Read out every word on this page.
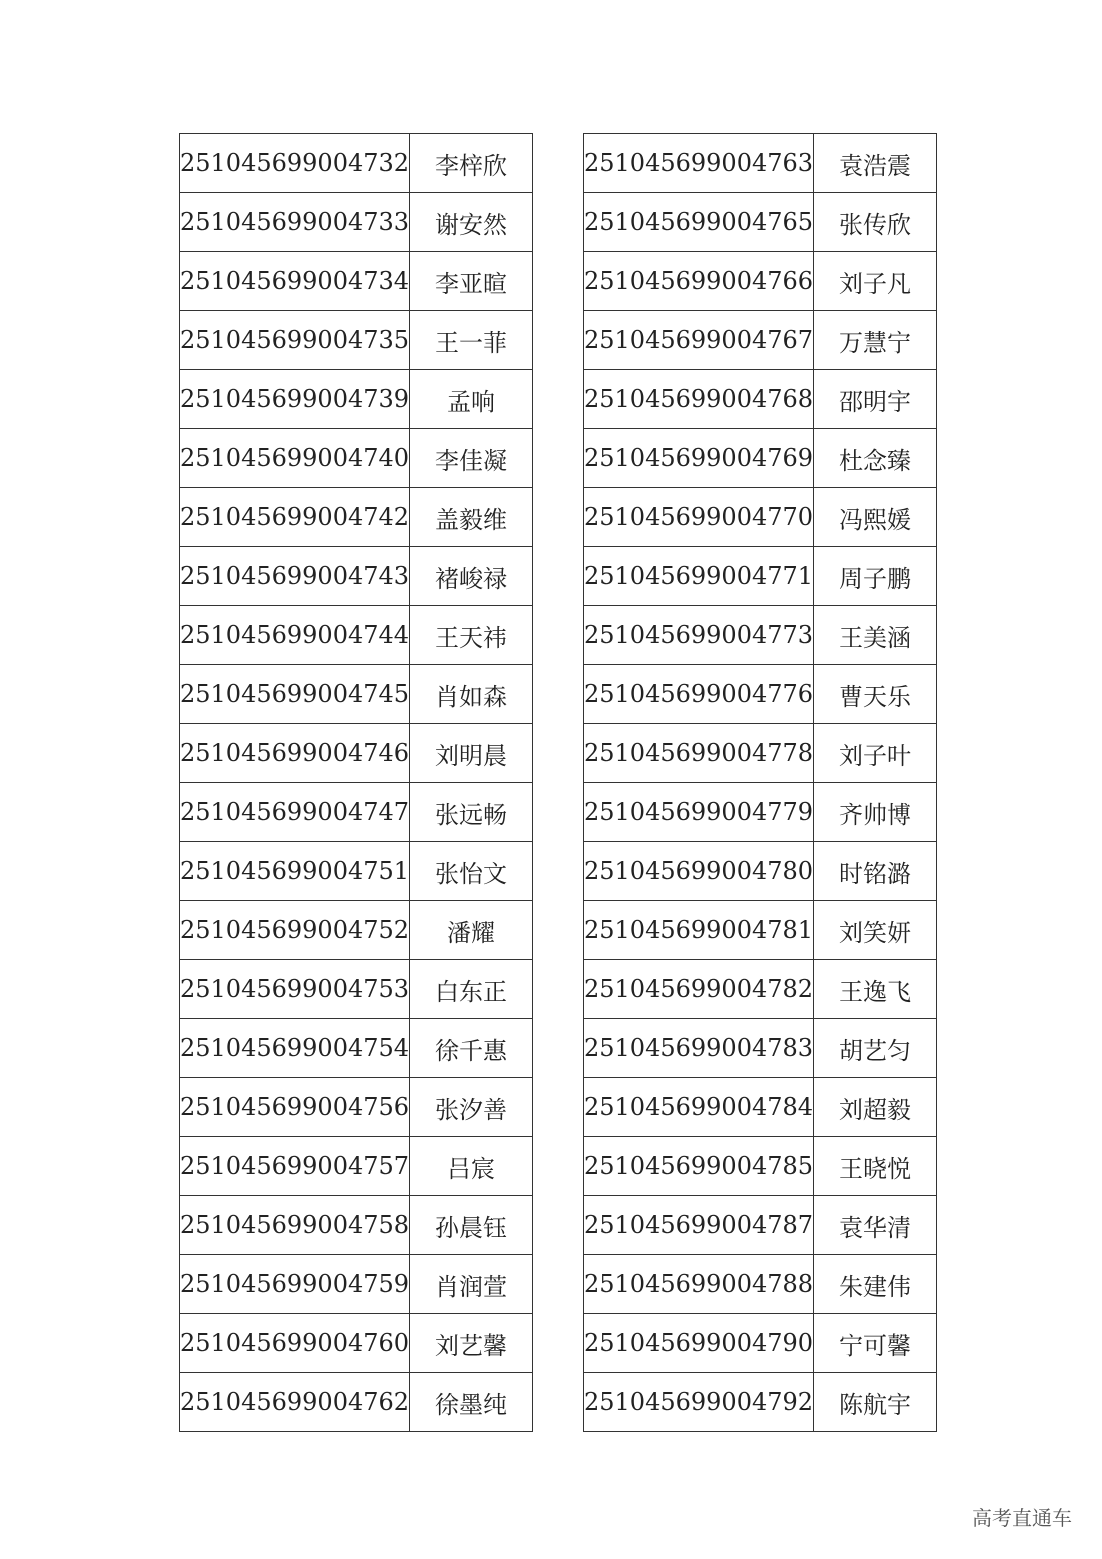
251045699004732	李梓欣
251045699004733	谢安然
251045699004734	李亚暄
251045699004735	王一菲
251045699004739	孟响
251045699004740	李佳凝
251045699004742	盖毅维
251045699004743	褚峻禄
251045699004744	王天祎
251045699004745	肖如森
251045699004746	刘明晨
251045699004747	张远畅
251045699004751	张怡文
251045699004752	潘耀
251045699004753	白东正
251045699004754	徐千惠
251045699004756	张汐善
251045699004757	吕宸
251045699004758	孙晨钰
251045699004759	肖润萱
251045699004760	刘艺馨
251045699004762	徐墨纯
251045699004763	袁浩震
251045699004765	张传欣
251045699004766	刘子凡
251045699004767	万慧宁
251045699004768	邵明宇
251045699004769	杜念臻
251045699004770	冯熙媛
251045699004771	周子鹏
251045699004773	王美涵
251045699004776	曹天乐
251045699004778	刘子叶
251045699004779	齐帅博
251045699004780	时铭潞
251045699004781	刘笑妍
251045699004782	王逸飞
251045699004783	胡艺匀
251045699004784	刘超毅
251045699004785	王晓悦
251045699004787	袁华清
251045699004788	朱建伟
251045699004790	宁可馨
251045699004792	陈航宇
高考直通车
